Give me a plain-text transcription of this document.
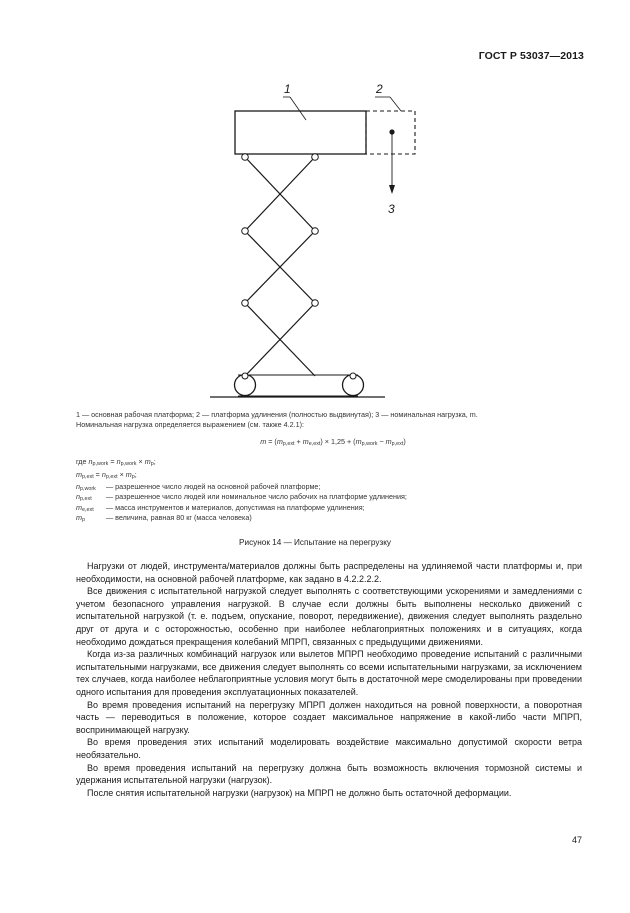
ГОСТ Р 53037—2013
1	2
3
1 — основная рабочая платформа; 2 — платформа удлинения (полностью выдвинутая); 3 — номинальная нагрузка, m.
Номинальная нагрузка определяется выражением (см. также 4.2.1):
$m = (m_{p,ext} + m_{e,ext}) \times 1,25 + (m_{p,work} - m_{p,ext})$
где $n_{p,work} = n_{p,work} \times m_p$;
$m_{p,ext} = n_{p,ext} \times m_p$;
$n_{p,work}$	— разрешенное число людей на основной рабочей платформе;
$n_{p,ext}$	— разрешенное число людей или номинальное число рабочих на платформе удлинения;
$m_{e,ext}$	— масса инструментов и материалов, допустимая на платформе удлинения;
$m_p$	— величина, равная 80 кг (масса человека)
Рисунок 14 — Испытание на перегрузку

Нагрузки от людей, инструмента/материалов должны быть распределены на удлиняемой части платформы и, при необходимости, на основной рабочей платформе, как задано в 4.2.2.2.2.

Все движения с испытательной нагрузкой следует выполнять с соответствующими ускорениями и замедлениями с учетом безопасного управления нагрузкой. В случае если должны быть выполнены несколько движений с испытательной нагрузкой (т. е. подъем, опускание, поворот, передвижение), движения следует выполнять раздельно друг от друга и с осторожностью, особенно при наиболее неблагоприятных положениях и в ситуациях, когда необходимо дождаться прекращения колебаний МПРП, связанных с предыдущими движениями.

Когда из-за различных комбинаций нагрузок или вылетов МПРП необходимо проведение испытаний с различными испытательными нагрузками, все движения следует выполнять со всеми испытательными нагрузками, за исключением тех случаев, когда наиболее неблагоприятные условия могут быть в достаточной мере смоделированы при проведении одного испытания для проведения эксплуатационных показателей.

Во время проведения испытаний на перегрузку МПРП должен находиться на ровной поверхности, а поворотная часть — переводиться в положение, которое создает максимальное напряжение в какой-либо части МПРП, воспринимающей нагрузку.

Во время проведения этих испытаний моделировать воздействие максимально допустимой скорости ветра необязательно.

Во время проведения испытаний на перегрузку должна быть возможность включения тормозной системы и удержания испытательной нагрузки (нагрузок).

После снятия испытательной нагрузки (нагрузок) на МПРП не должно быть остаточной деформации.

47
